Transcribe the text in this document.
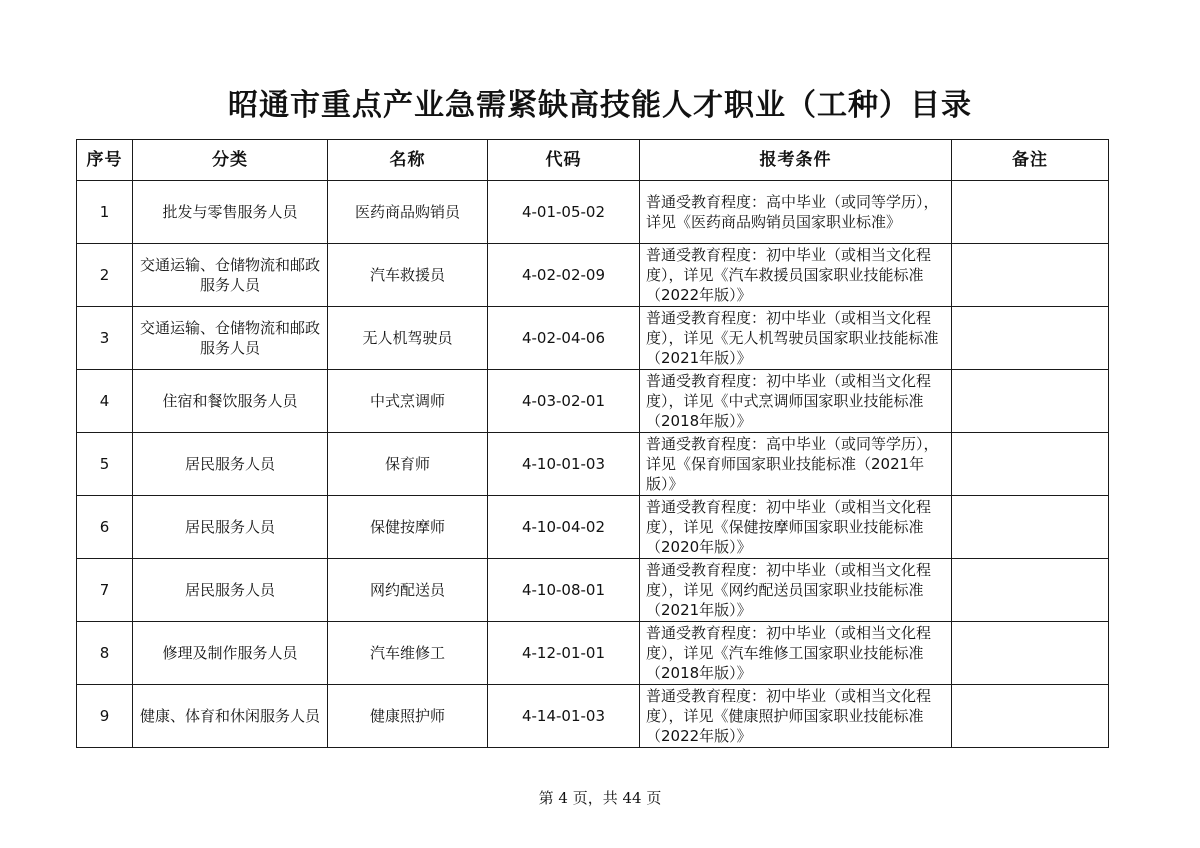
昭通市重点产业急需紧缺高技能人才职业（工种）目录
序号	分类	名称	代码	报考条件	备注
1	批发与零售服务人员	医药商品购销员	4-01-05-02	普通受教育程度：高中毕业（或同等学历），详见《医药商品购销员国家职业标准》	
2	交通运输、仓储物流和邮政服务人员	汽车救援员	4-02-02-09	普通受教育程度：初中毕业（或相当文化程度），详见《汽车救援员国家职业技能标准（2022年版）》	
3	交通运输、仓储物流和邮政服务人员	无人机驾驶员	4-02-04-06	普通受教育程度：初中毕业（或相当文化程度），详见《无人机驾驶员国家职业技能标准（2021年版）》	
4	住宿和餐饮服务人员	中式烹调师	4-03-02-01	普通受教育程度：初中毕业（或相当文化程度），详见《中式烹调师国家职业技能标准（2018年版）》	
5	居民服务人员	保育师	4-10-01-03	普通受教育程度：高中毕业（或同等学历），详见《保育师国家职业技能标准（2021年版）》	
6	居民服务人员	保健按摩师	4-10-04-02	普通受教育程度：初中毕业（或相当文化程度），详见《保健按摩师国家职业技能标准（2020年版）》	
7	居民服务人员	网约配送员	4-10-08-01	普通受教育程度：初中毕业（或相当文化程度），详见《网约配送员国家职业技能标准（2021年版）》	
8	修理及制作服务人员	汽车维修工	4-12-01-01	普通受教育程度：初中毕业（或相当文化程度），详见《汽车维修工国家职业技能标准（2018年版）》	
9	健康、体育和休闲服务人员	健康照护师	4-14-01-03	普通受教育程度：初中毕业（或相当文化程度），详见《健康照护师国家职业技能标准（2022年版）》	
第 4 页，共 44 页
